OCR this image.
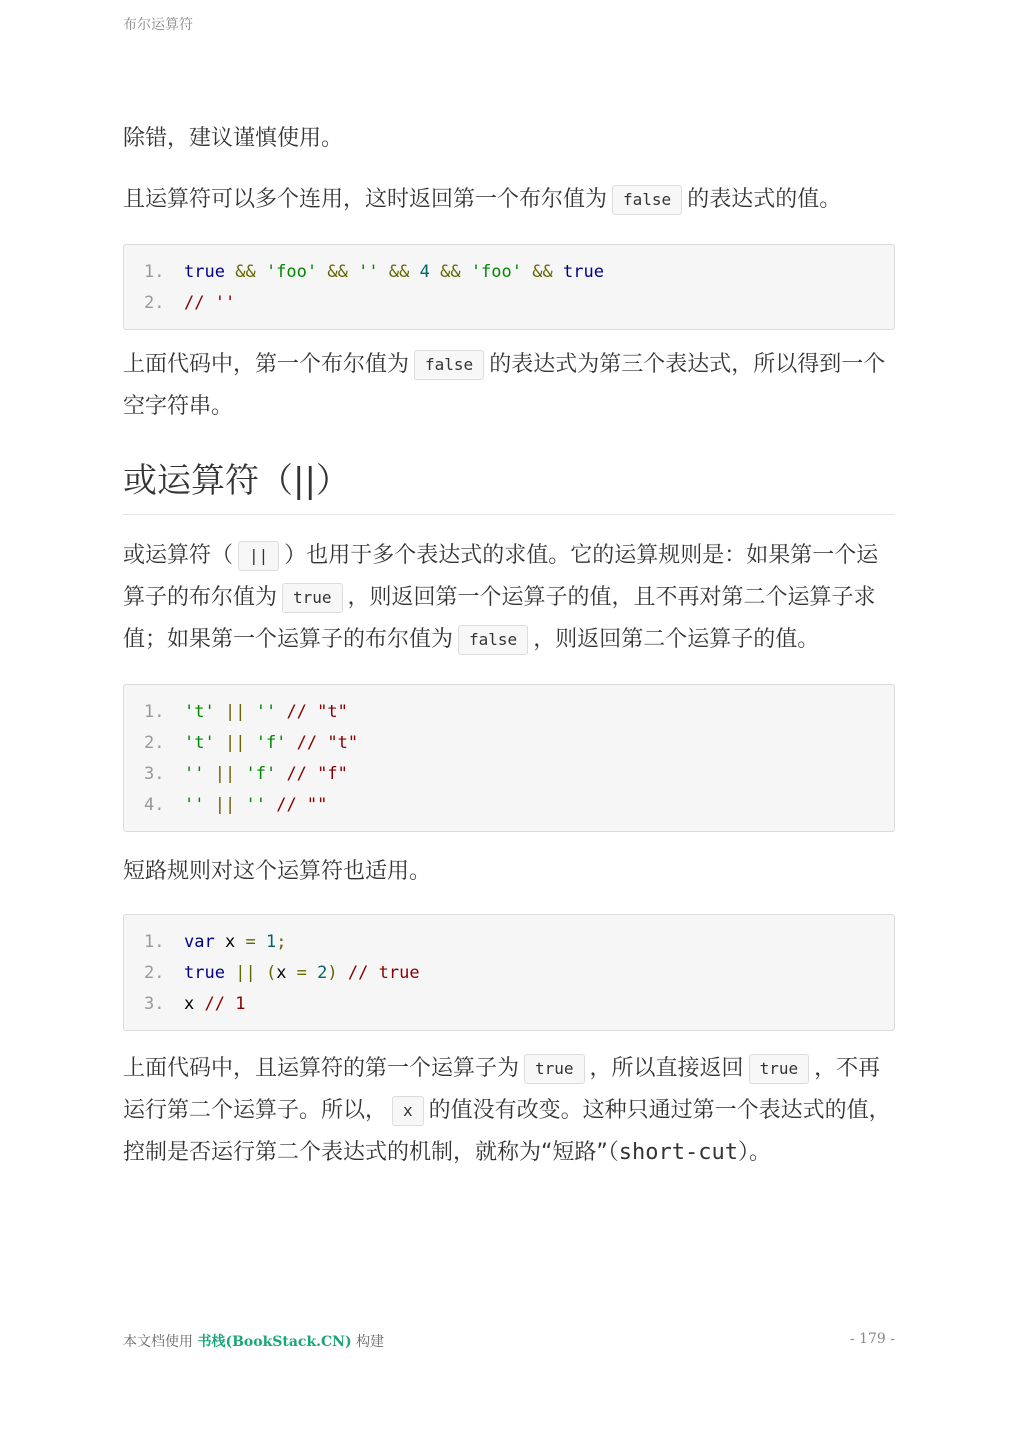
布尔运算符

除错，建议谨慎使用。

且运算符可以多个连用，这时返回第一个布尔值为 false 的表达式的值。

1. true && 'foo' && '' && 4 && 'foo' && true
2. // ''

上面代码中，第一个布尔值为 false 的表达式为第三个表达式，所以得到一个空字符串。

或运算符（||）

或运算符（ || ）也用于多个表达式的求值。它的运算规则是：如果第一个运算子的布尔值为 true ，则返回第一个运算子的值，且不再对第二个运算子求值；如果第一个运算子的布尔值为 false ，则返回第二个运算子的值。

1. 't' || '' // "t"
2. 't' || 'f' // "t"
3. '' || 'f' // "f"
4. '' || '' // ""

短路规则对这个运算符也适用。

1. var x = 1;
2. true || (x = 2) // true
3. x // 1

上面代码中，且运算符的第一个运算子为 true ，所以直接返回 true ，不再运行第二个运算子。所以， x 的值没有改变。这种只通过第一个表达式的值，控制是否运行第二个表达式的机制，就称为“短路”（short-cut）。

本文档使用 书栈(BookStack.CN) 构建	- 179 -
